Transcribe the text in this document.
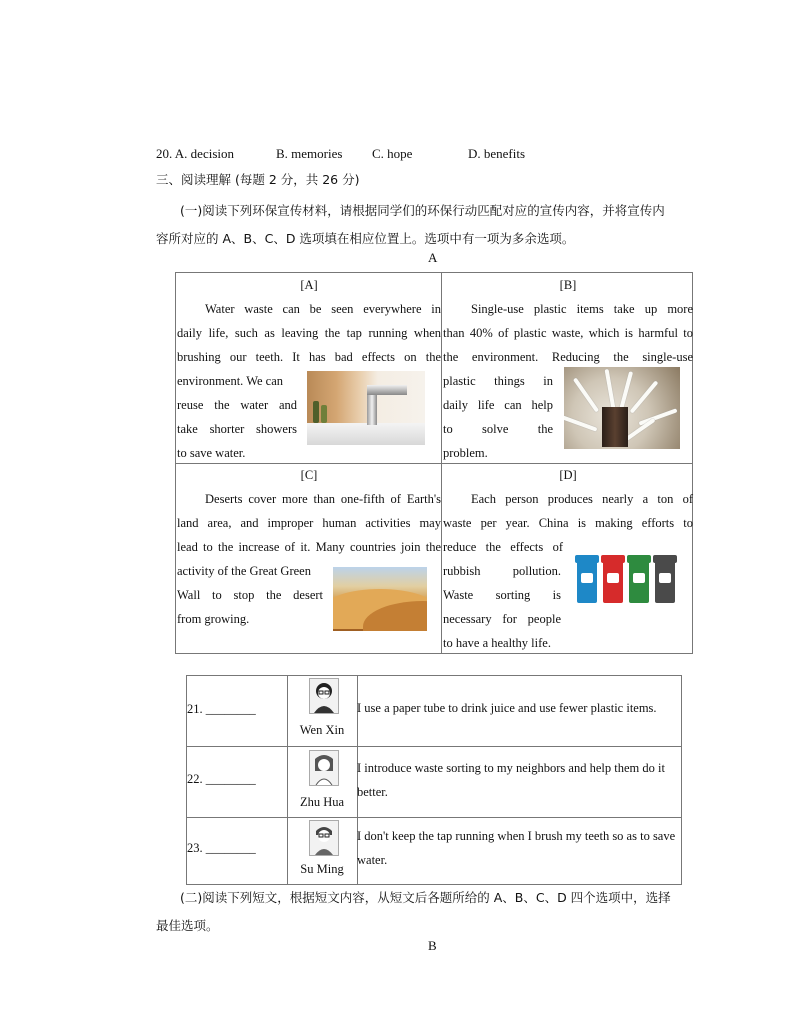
20. A. decision	B. memories C. hope	D. benefits
三、阅读理解 (每题 2 分，共 26 分)
(一)阅读下列环保宣传材料，请根据同学们的环保行动匹配对应的宣传内容，并将宣传内
容所对应的 A、B、C、D 选项填在相应位置上。选项中有一项为多余选项。
A
[A]

Water waste can be seen everywhere in

daily life, such as leaving the tap running when

brushing our teeth. It has bad effects on the

environment. We can

reuse the water and

take shorter showers

to save water.

[B]

Single-use plastic items take up more

than 40% of plastic waste, which is harmful to

the environment. Reducing the single-use

plastic things in

daily life can help

to solve the

problem.

[C]

Deserts cover more than one-fifth of Earth's

land area, and improper human activities may

lead to the increase of it. Many countries join the

activity of the Great Green

Wall to stop the desert

from growing.

[D]

Each person produces nearly a ton of

waste per year. China is making efforts to

reduce the effects of

rubbish pollution.

Waste sorting is

necessary for people

to have a healthy life.

21. ________
Wen Xin
I use a paper tube to drink juice and use fewer plastic items.
22. ________
Zhu Hua
I introduce waste sorting to my neighbors and help them do it better.
23. ________
Su Ming
I don't keep the tap running when I brush my teeth so as to save water.
(二)阅读下列短文，根据短文内容，从短文后各题所给的 A、B、C、D 四个选项中，选择
最佳选项。
B
